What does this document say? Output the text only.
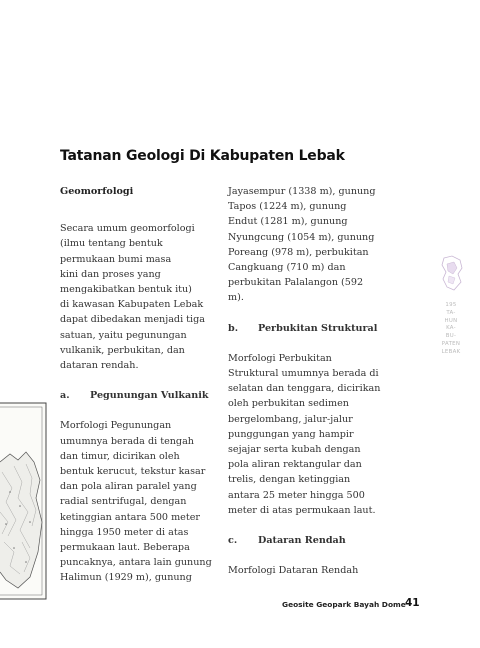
Tatanan Geologi Di Kabupaten Lebak

Geomorfologi

Secara umum geomorfologi

(ilmu tentang bentuk

permukaan bumi masa

kini dan proses yang

mengakibatkan bentuk itu)

di kawasan Kabupaten Lebak

dapat dibedakan menjadi tiga

satuan, yaitu pegunungan

vulkanik, perbukitan, dan

dataran rendah.

a.	Pegunungan Vulkanik

Morfologi Pegunungan

umumnya berada di tengah

dan timur, dicirikan oleh

bentuk kerucut, tekstur kasar

dan pola aliran paralel yang

radial sentrifugal, dengan

ketinggian antara 500 meter

hingga 1950 meter di atas

permukaan laut. Beberapa

puncaknya, antara lain gunung

Halimun (1929 m), gunung

Jayasempur (1338 m), gunung

Tapos (1224 m), gunung

Endut (1281 m), gunung

Nyungcung (1054 m), gunung

Poreang (978 m), perbukitan

Cangkuang (710 m) dan

perbukitan Palalangon (592

m).

b.	Perbukitan Struktural

Morfologi Perbukitan

Struktural umumnya berada di

selatan dan tenggara, dicirikan

oleh perbukitan sedimen

bergelombang, jalur-jalur

punggungan yang hampir

sejajar serta kubah dengan

pola aliran rektangular dan

trelis, dengan ketinggian

antara 25 meter hingga 500

meter di atas permukaan laut.

c.	Dataran Rendah

Morfologi Dataran Rendah

195
TA-
HUN
KA-
BU-
PATEN
LEBAK
Geosite Geopark Bayah Dome 41
